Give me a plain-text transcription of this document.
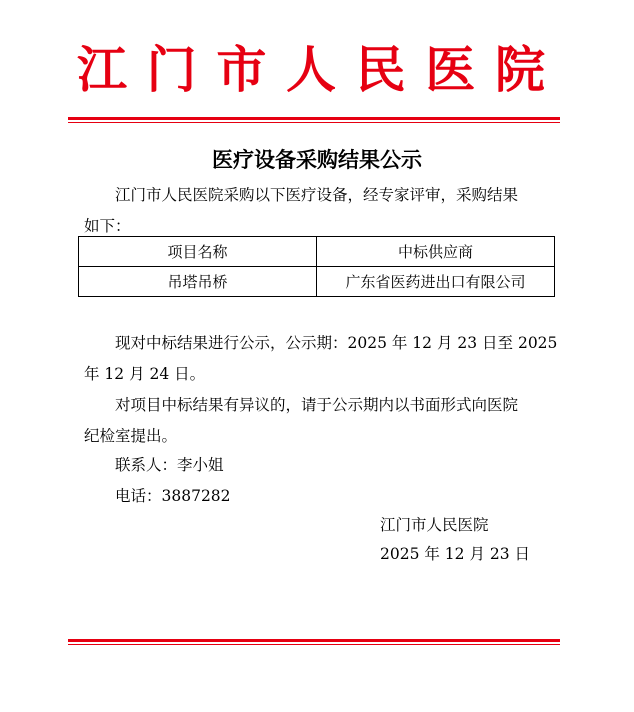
江 门 市 人 民 医 院
医疗设备采购结果公示
江门市人民医院采购以下医疗设备，经专家评审，采购结果
如下：
项目名称	中标供应商
吊塔吊桥	广东省医药进出口有限公司
现对中标结果进行公示，公示期：2025 年 12 月 23 日至 2025
年 12 月 24 日。
对项目中标结果有异议的，请于公示期内以书面形式向医院
纪检室提出。
联系人：李小姐
电话：3887282
江门市人民医院
2025 年 12 月 23 日
